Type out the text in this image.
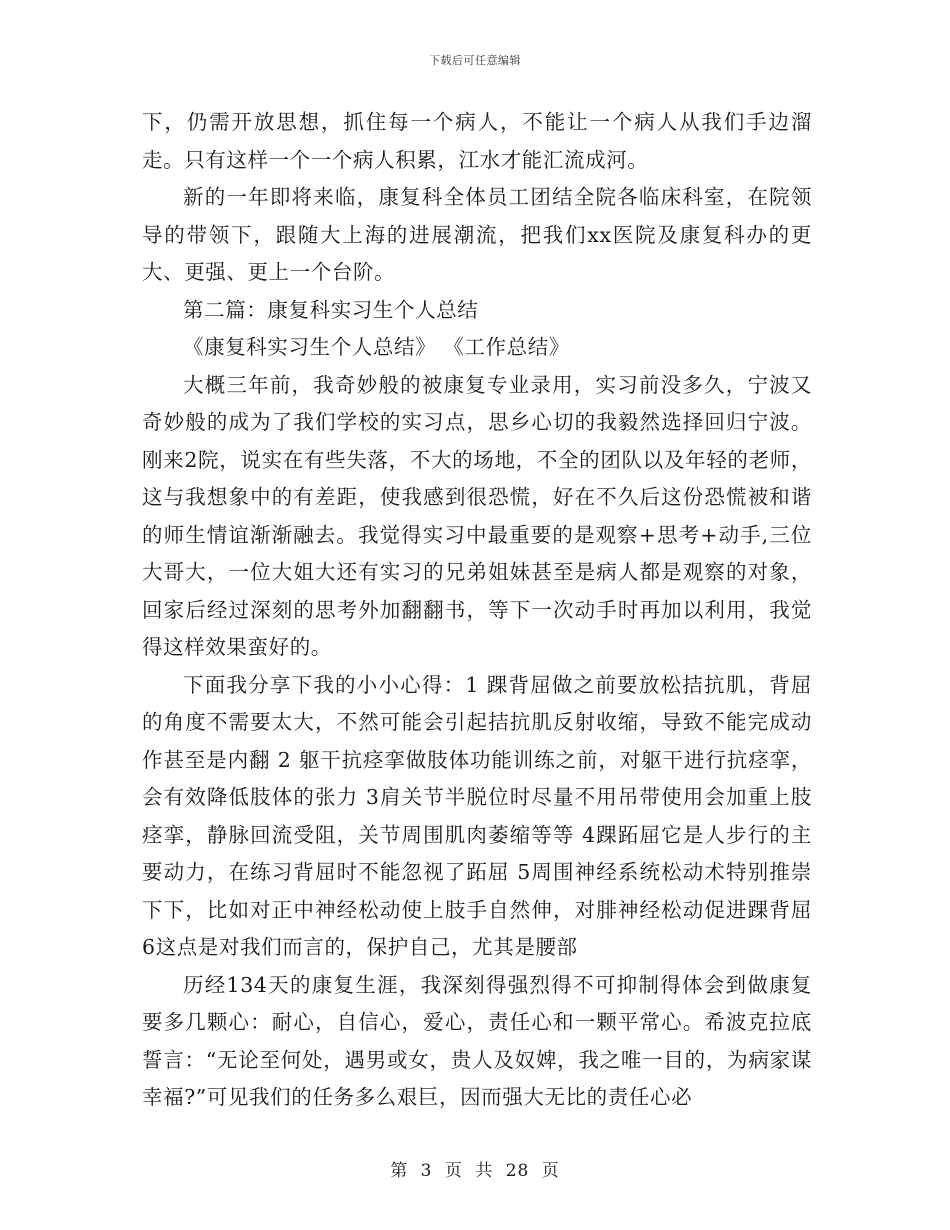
下载后可任意编辑

下，仍需开放思想，抓住每一个病人，不能让一个病人从我们手边溜走。只有这样一个一个病人积累，江水才能汇流成河。

新的一年即将来临，康复科全体员工团结全院各临床科室，在院领导的带领下，跟随大上海的进展潮流，把我们xx医院及康复科办的更大、更强、更上一个台阶。

第二篇：康复科实习生个人总结

《康复科实习生个人总结》 《工作总结》

大概三年前，我奇妙般的被康复专业录用，实习前没多久，宁波又奇妙般的成为了我们学校的实习点，思乡心切的我毅然选择回归宁波。刚来2院，说实在有些失落，不大的场地，不全的团队以及年轻的老师，这与我想象中的有差距，使我感到很恐慌，好在不久后这份恐慌被和谐的师生情谊渐渐融去。我觉得实习中最重要的是观察+思考+动手,三位大哥大，一位大姐大还有实习的兄弟姐妹甚至是病人都是观察的对象，回家后经过深刻的思考外加翻翻书，等下一次动手时再加以利用，我觉得这样效果蛮好的。

下面我分享下我的小小心得：1 踝背屈做之前要放松拮抗肌，背屈的角度不需要太大，不然可能会引起拮抗肌反射收缩，导致不能完成动作甚至是内翻 2 躯干抗痉挛做肢体功能训练之前，对躯干进行抗痉挛，会有效降低肢体的张力 3肩关节半脱位时尽量不用吊带使用会加重上肢痉挛，静脉回流受阻，关节周围肌肉萎缩等等 4踝跖屈它是人步行的主要动力，在练习背屈时不能忽视了跖屈 5周围神经系统松动术特别推崇下下，比如对正中神经松动使上肢手自然伸，对腓神经松动促进踝背屈 6这点是对我们而言的，保护自己，尤其是腰部

历经134天的康复生涯，我深刻得强烈得不可抑制得体会到做康复要多几颗心：耐心，自信心，爱心，责任心和一颗平常心。希波克拉底誓言：“无论至何处，遇男或女，贵人及奴婢，我之唯一目的，为病家谋幸福?”可见我们的任务多么艰巨，因而强大无比的责任心必

第 3 页 共 28 页
